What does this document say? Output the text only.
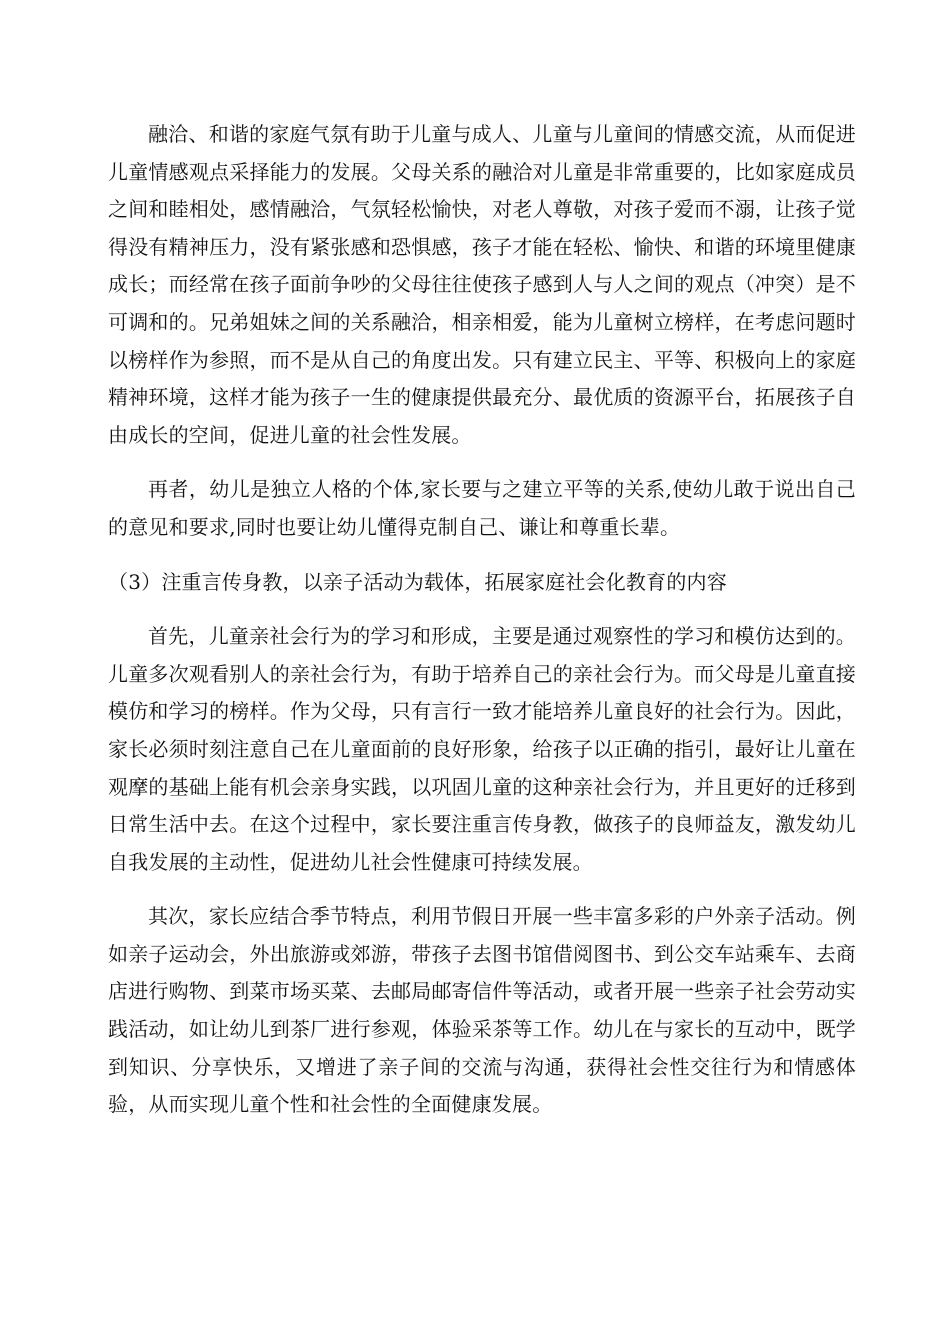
融洽、和谐的家庭气氛有助于儿童与成人、儿童与儿童间的情感交流，从而促进儿童情感观点采择能力的发展。父母关系的融洽对儿童是非常重要的，比如家庭成员之间和睦相处，感情融洽，气氛轻松愉快，对老人尊敬，对孩子爱而不溺，让孩子觉得没有精神压力，没有紧张感和恐惧感，孩子才能在轻松、愉快、和谐的环境里健康成长；而经常在孩子面前争吵的父母往往使孩子感到人与人之间的观点（冲突）是不可调和的。兄弟姐妹之间的关系融洽，相亲相爱，能为儿童树立榜样，在考虑问题时以榜样作为参照，而不是从自己的角度出发。只有建立民主、平等、积极向上的家庭精神环境，这样才能为孩子一生的健康提供最充分、最优质的资源平台，拓展孩子自由成长的空间，促进儿童的社会性发展。

再者，幼儿是独立人格的个体,家长要与之建立平等的关系,使幼儿敢于说出自己的意见和要求,同时也要让幼儿懂得克制自己、谦让和尊重长辈。

（3）注重言传身教，以亲子活动为载体，拓展家庭社会化教育的内容

首先，儿童亲社会行为的学习和形成，主要是通过观察性的学习和模仿达到的。儿童多次观看别人的亲社会行为，有助于培养自己的亲社会行为。而父母是儿童直接模仿和学习的榜样。作为父母，只有言行一致才能培养儿童良好的社会行为。因此，家长必须时刻注意自己在儿童面前的良好形象，给孩子以正确的指引，最好让儿童在观摩的基础上能有机会亲身实践，以巩固儿童的这种亲社会行为，并且更好的迁移到日常生活中去。在这个过程中，家长要注重言传身教，做孩子的良师益友，激发幼儿自我发展的主动性，促进幼儿社会性健康可持续发展。

其次，家长应结合季节特点，利用节假日开展一些丰富多彩的户外亲子活动。例如亲子运动会，外出旅游或郊游，带孩子去图书馆借阅图书、到公交车站乘车、去商店进行购物、到菜市场买菜、去邮局邮寄信件等活动，或者开展一些亲子社会劳动实践活动，如让幼儿到茶厂进行参观，体验采茶等工作。幼儿在与家长的互动中，既学到知识、分享快乐，又增进了亲子间的交流与沟通，获得社会性交往行为和情感体验，从而实现儿童个性和社会性的全面健康发展。
